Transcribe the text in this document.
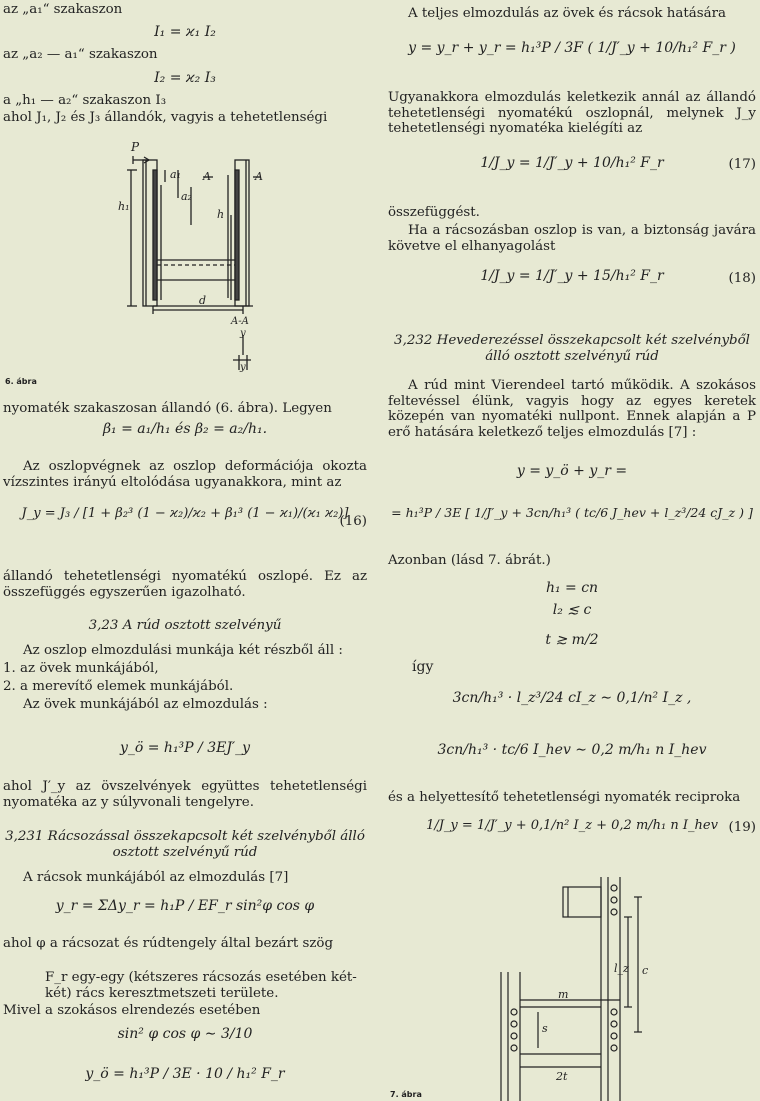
az „a₁“ szakaszon
I₁ = ϰ₁ I₂
az „a₂ — a₁“ szakaszon
I₂ = ϰ₂ I₃
a „h₁ — a₂“ szakaszon I₃
ahol J₁, J₂ és J₃ állandók, vagyis a tehetetlenségi
P
a₁
a₂
A	A
h₁
h
d
A-A
y
y
6. ábra
nyomaték szakaszosan állandó (6. ábra). Legyen
β₁ = a₁/h₁ és β₂ = a₂/h₁.
Az oszlopvégnek az oszlop deformációja okozta vízszintes irányú eltolódása ugyanakkora, mint az
J_y = J₃ / [1 + β₂³ (1 − ϰ₂)/ϰ₂ + β₁³ (1 − ϰ₁)/(ϰ₁ ϰ₂)]
(16)
állandó tehetetlenségi nyomatékú oszlopé. Ez az összefüggés egyszerűen igazolható.
3,23 A rúd osztott szelvényű
Az oszlop elmozdulási munkája két részből áll :
1. az övek munkájából,
2. a merevítő elemek munkájából.
Az övek munkájából az elmozdulás :
y_ö = h₁³P / 3EJ′_y
ahol J′_y az övszelvények együttes tehetetlenségi nyomatéka az y súlyvonali tengelyre.
3,231 Rácsozással összekapcsolt két szelvényből álló osztott szelvényű rúd
A rácsok munkájából az elmozdulás [7]
y_r = ΣΔy_r = h₁P / EF_r sin²φ cos φ
ahol φ a rácsozat és rúdtengely által bezárt szög
F_r egy-egy (kétszeres rácsozás esetében két-két) rács keresztmetszeti területe.
Mivel a szokásos elrendezés esetében
sin² φ cos φ ∼ 3/10
y_ö = h₁³P / 3E · 10 / h₁² F_r
A teljes elmozdulás az övek és rácsok hatására
y = y_r + y_r = h₁³P / 3F ( 1/J′_y + 10/h₁² F_r )
Ugyanakkora elmozdulás keletkezik annál az állandó tehetetlenségi nyomatékú oszlopnál, melynek J_y tehetetlenségi nyomatéka kielégíti az
1/J_y = 1/J′_y + 10/h₁² F_r	(17)
összefüggést.
Ha a rácsozásban oszlop is van, a biztonság javára követve el elhanyagolást
1/J_y = 1/J′_y + 15/h₁² F_r	(18)
3,232 Hevederezéssel összekapcsolt két szelvényből álló osztott szelvényű rúd
A rúd mint Vierendeel tartó működik. A szokásos feltevéssel élünk, vagyis hogy az egyes keretek közepén van nyomatéki nullpont. Ennek alapján a P erő hatására keletkező teljes elmozdulás [7] :
y = y_ö + y_r =
= h₁³P / 3E [ 1/J′_y + 3cn/h₁³ ( tc/6 J_hev + l_z³/24 cJ_z ) ]
Azonban (lásd 7. ábrát.)
h₁ = cn
l₂ ≲ c
t ≳ m/2
így
3cn/h₁³ · l_z³/24 cI_z ∼ 0,1/n² I_z ,
3cn/h₁³ · tc/6 I_hev ∼ 0,2 m/h₁ n I_hev
és a helyettesítő tehetetlenségi nyomaték reciproka
1/J_y = 1/J′_y + 0,1/n² I_z + 0,2 m/h₁ n I_hev (19)
l_z c
m
s
2t
7. ábra
